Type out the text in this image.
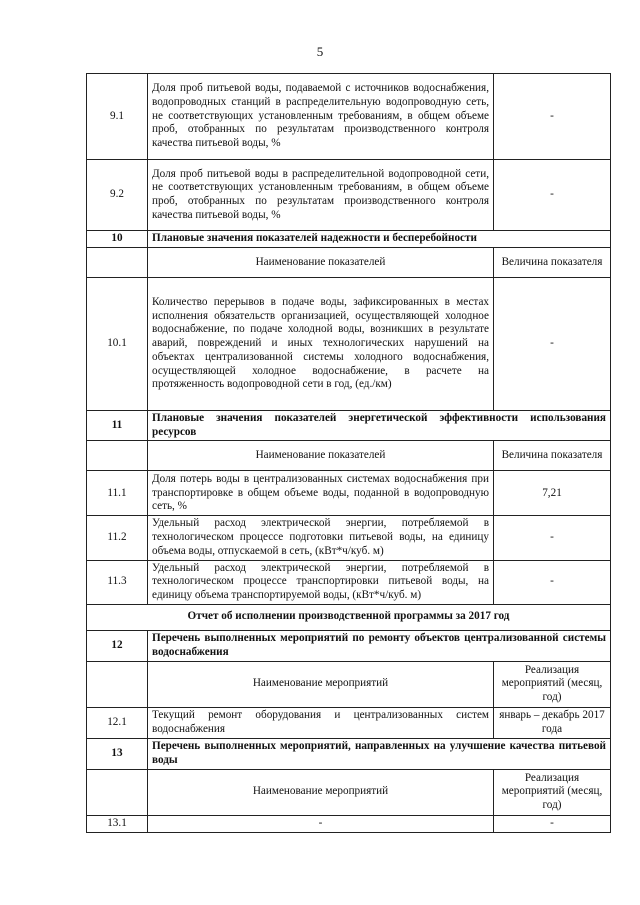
5
9.1	Доля проб питьевой воды, подаваемой с источников водоснабжения, водопроводных станций в распределительную водопроводную сеть, не соответствующих установленным требованиям, в общем объеме проб, отобранных по результатам производственного контроля качества питьевой воды, %	-
9.2	Доля проб питьевой воды в распределительной водопроводной сети, не соответствующих установленным требованиям, в общем объеме проб, отобранных по результатам производственного контроля качества питьевой воды, %	-
10	Плановые значения показателей надежности и бесперебойности	
	Наименование показателей	Величина показателя
10.1	Количество перерывов в подаче воды, зафиксированных в местах исполнения обязательств организацией, осуществляющей холодное водоснабжение, по подаче холодной воды, возникших в результате аварий, повреждений и иных технологических нарушений на объектах централизованной системы холодного водоснабжения, осуществляющей холодное водоснабжение, в расчете на протяженность водопроводной сети в год, (ед./км)	-
11	Плановые значения показателей энергетической эффективности использования ресурсов	
	Наименование показателей	Величина показателя
11.1	Доля потерь воды в централизованных системах водоснабжения при транспортировке в общем объеме воды, поданной в водопроводную сеть, %	7,21
11.2	Удельный расход электрической энергии, потребляемой в технологическом процессе подготовки питьевой воды, на единицу объема воды, отпускаемой в сеть, (кВт*ч/куб. м)	-
11.3	Удельный расход электрической энергии, потребляемой в технологическом процессе транспортировки питьевой воды, на единицу объема транспортируемой воды, (кВт*ч/куб. м)	-
Отчет об исполнении производственной программы за 2017 год		
12	Перечень выполненных мероприятий по ремонту объектов централизованной системы водоснабжения	
	Наименование мероприятий	Реализация мероприятий (месяц, год)
12.1	Текущий ремонт оборудования и централизованных систем водоснабжения	январь – декабрь 2017 года
13	Перечень выполненных мероприятий, направленных на улучшение качества питьевой воды	
	Наименование мероприятий	Реализация мероприятий (месяц, год)
13.1	-	-
